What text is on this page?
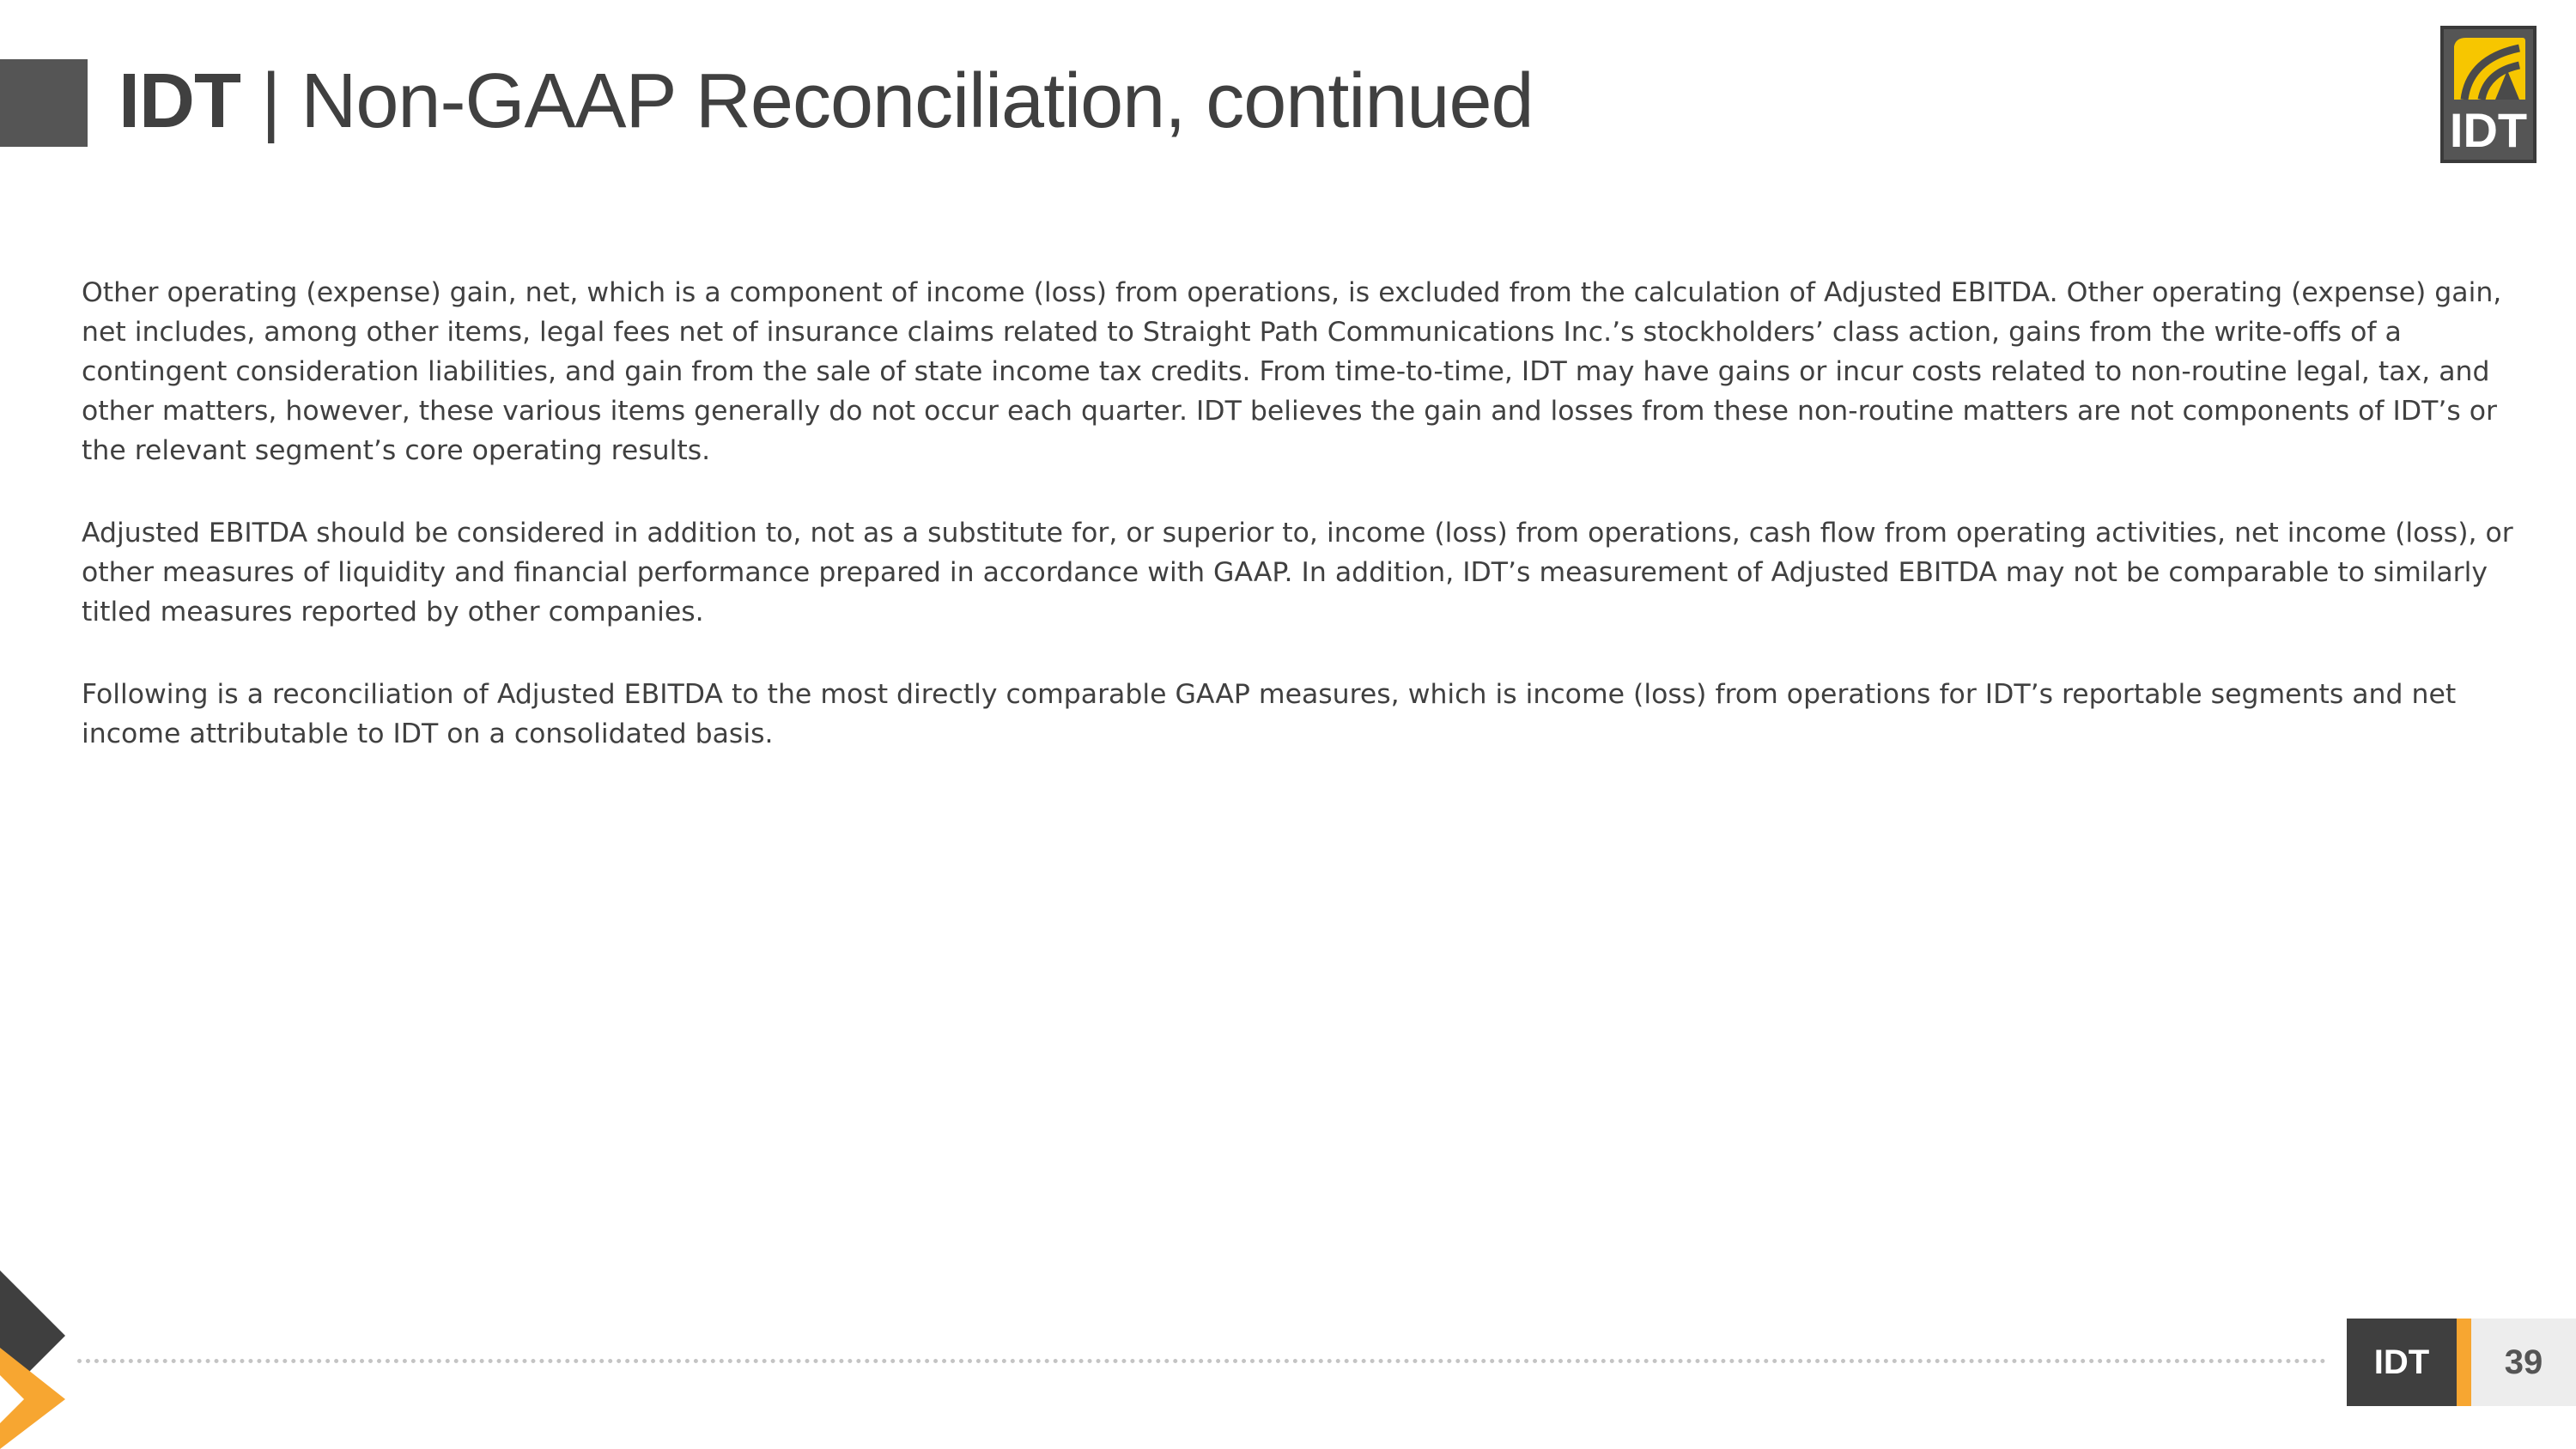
IDT | Non-GAAP Reconciliation, continued	IDT

Other operating (expense) gain, net, which is a component of income (loss) from operations, is excluded from the calculation of Adjusted EBITDA. Other operating (expense) gain, net includes, among other items, legal fees net of insurance claims related to Straight Path Communications Inc.’s stockholders’ class action, gains from the write-offs of a contingent consideration liabilities, and gain from the sale of state income tax credits. From time-to-time, IDT may have gains or incur costs related to non-routine legal, tax, and other matters, however, these various items generally do not occur each quarter. IDT believes the gain and losses from these non-routine matters are not components of IDT’s or the relevant segment’s core operating results.

Adjusted EBITDA should be considered in addition to, not as a substitute for, or superior to, income (loss) from operations, cash flow from operating activities, net income (loss), or other measures of liquidity and financial performance prepared in accordance with GAAP. In addition, IDT’s measurement of Adjusted EBITDA may not be comparable to similarly titled measures reported by other companies.

Following is a reconciliation of Adjusted EBITDA to the most directly comparable GAAP measures, which is income (loss) from operations for IDT’s reportable segments and net income attributable to IDT on a consolidated basis.

IDT	39
